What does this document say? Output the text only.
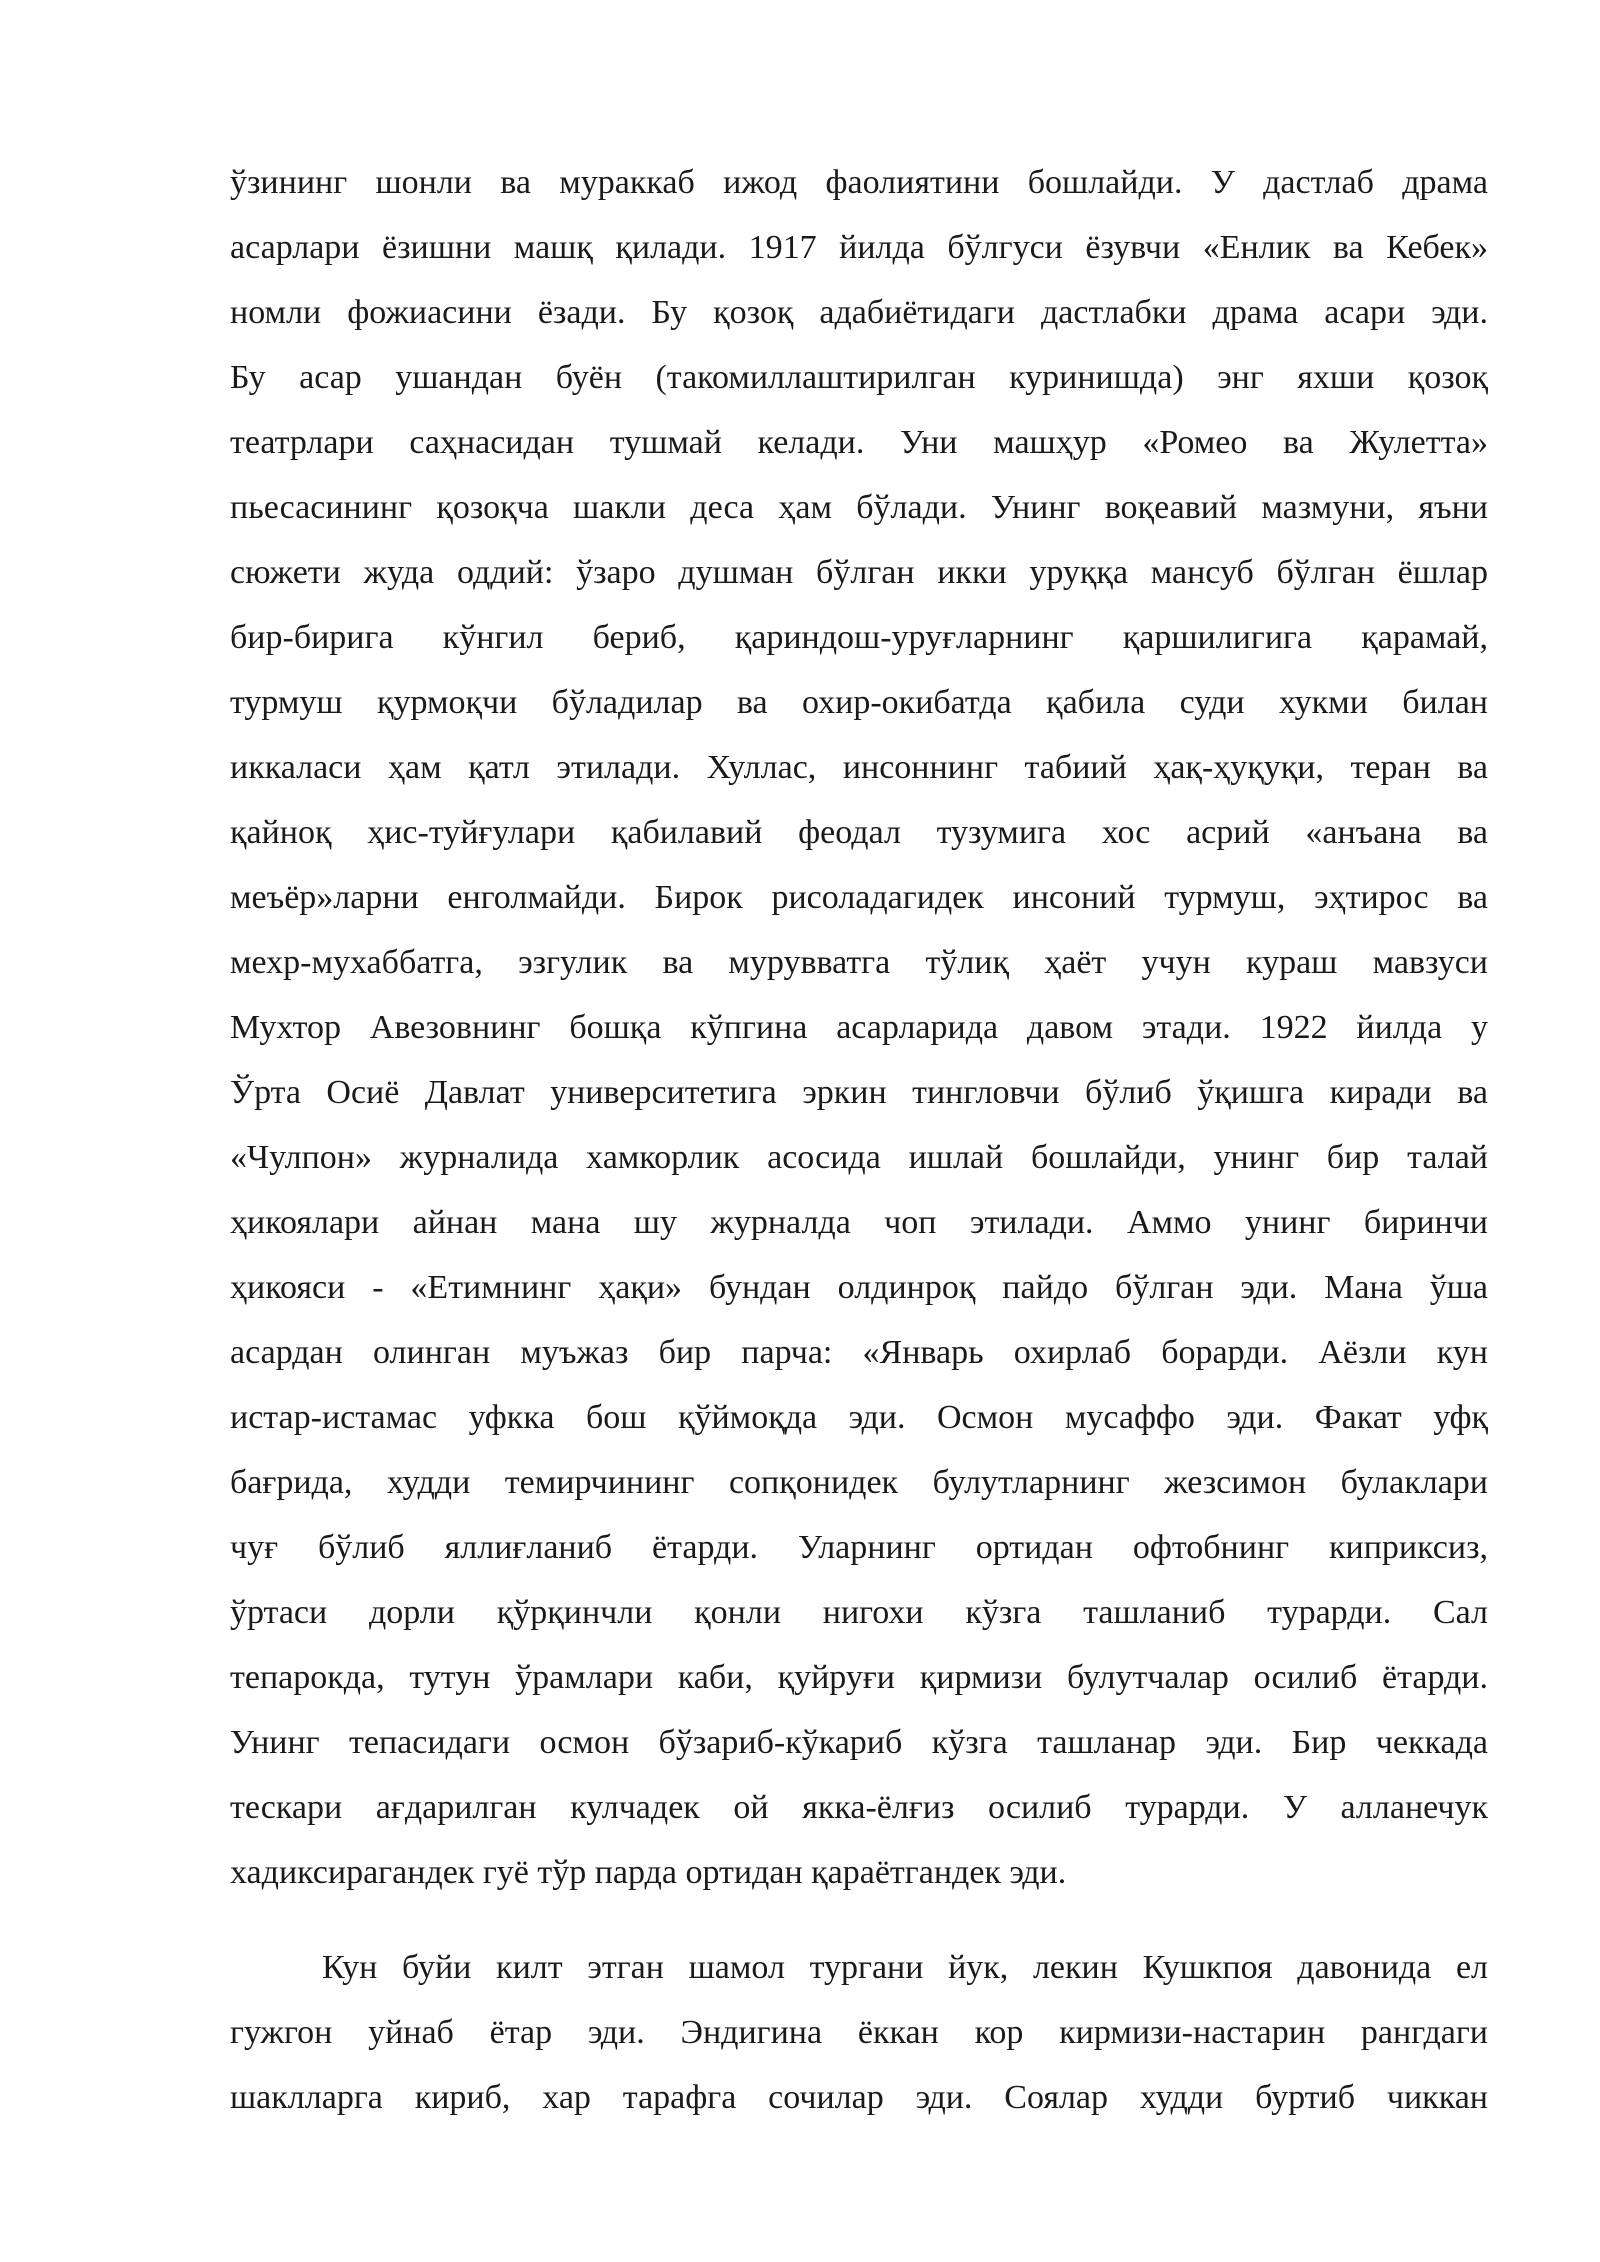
ўзининг шонли ва мураккаб ижод фаолиятини бошлайди. У дастлаб драма
асарлари ёзишни машқ қилади. 1917 йилда бўлгуси ёзувчи «Енлик ва Кебек»
номли фожиасини ёзади. Бу қозоқ адабиётидаги дастлабки драма асари эди.
Бу асар ушандан буён (такомиллаштирилган куринишда) энг яхши қозоқ
театрлари саҳнасидан тушмай келади. Уни машҳур «Ромео ва Жулетта»
пьесасининг қозоқча шакли деса ҳам бўлади. Унинг воқеавий мазмуни, яъни
сюжети жуда оддий: ўзаро душман бўлган икки уруққа мансуб бўлган ёшлар
бир-бирига кўнгил бериб, қариндош-уруғларнинг қаршилигига қарамай,
турмуш қурмоқчи бўладилар ва охир-окибатда қабила суди хукми билан
иккаласи ҳам қатл этилади. Хуллас, инсоннинг табиий ҳақ-ҳуқуқи, теран ва
қайноқ ҳис-туйғулари қабилавий феодал тузумига хос асрий «анъана ва
меъёр»ларни енголмайди. Бирок рисоладагидек инсоний турмуш, эҳтирос ва
мехр-мухаббатга, эзгулик ва мурувватга тўлиқ ҳаёт учун кураш мавзуси
Мухтор Авезовнинг бошқа кўпгина асарларида давом этади. 1922 йилда у
Ўрта Осиё Давлат университетига эркин тингловчи бўлиб ўқишга киради ва
«Чулпон» журналида хамкорлик асосида ишлай бошлайди, унинг бир талай
ҳикоялари айнан мана шу журналда чоп этилади. Аммо унинг биринчи
ҳикояси - «Етимнинг ҳақи» бундан олдинроқ пайдо бўлган эди. Мана ўша
асардан олинган муъжаз бир парча: «Январь охирлаб борарди. Аёзли кун
истар-истамас уфкка бош қўймоқда эди. Осмон мусаффо эди. Факат уфқ
бағрида, худди темирчининг сопқонидек булутларнинг жезсимон булаклари
чуғ бўлиб яллиғланиб ётарди. Уларнинг ортидан офтобнинг киприксиз,
ўртаси дорли қўрқинчли қонли нигохи кўзга ташланиб турарди. Сал
тепарокда, тутун ўрамлари каби, қуйруғи қирмизи булутчалар осилиб ётарди.
Унинг тепасидаги осмон бўзариб-кўкариб кўзга ташланар эди. Бир чеккада
тескари ағдарилган кулчадек ой якка-ёлғиз осилиб турарди. У алланечук
хадиксирагандек гуё тўр парда ортидан қараётгандек эди.
Кун буйи килт этган шамол тургани йук, лекин Кушкпоя давонида ел
гужгон уйнаб ётар эди. Эндигина ёккан кор кирмизи-настарин рангдаги
шаклларга кириб, хар тарафга сочилар эди. Соялар худди буртиб чиккан
